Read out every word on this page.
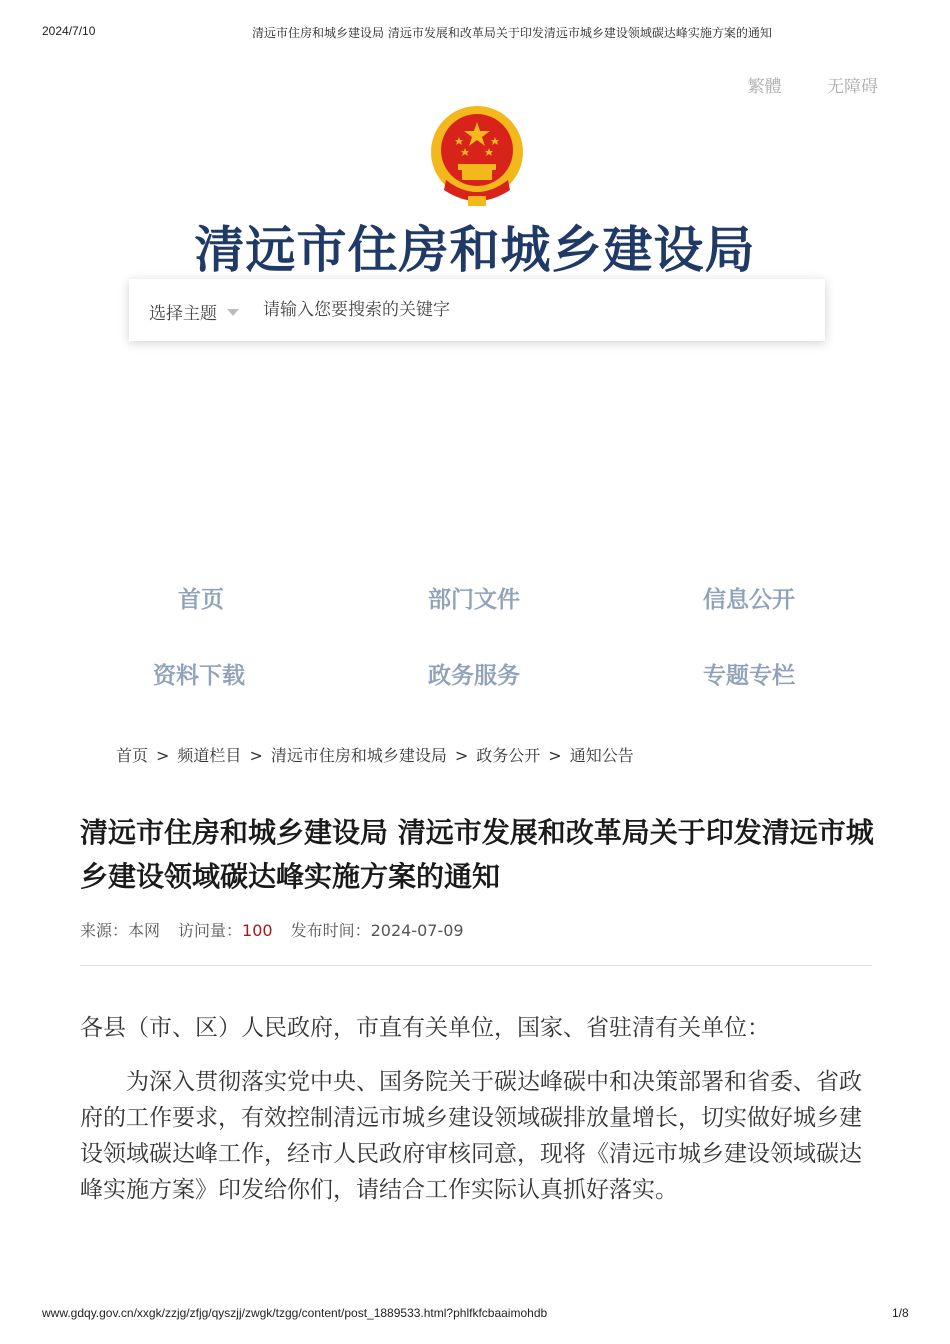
2024/7/10	清远市住房和城乡建设局 清远市发展和改革局关于印发清远市城乡建设领域碳达峰实施方案的通知
繁體	无障碍
清远市住房和城乡建设局
选择主题
请输入您要搜索的关键字
首页	部门文件	信息公开
资料下载	政务服务	专题专栏
首页 > 频道栏目 > 清远市住房和城乡建设局 > 政务公开 > 通知公告
清远市住房和城乡建设局 清远市发展和改革局关于印发清远市城乡建设领域碳达峰实施方案的通知
来源：本网 访问量：100 发布时间：2024-07-09

各县（市、区）人民政府，市直有关单位，国家、省驻清有关单位：

为深入贯彻落实党中央、国务院关于碳达峰碳中和决策部署和省委、省政府的工作要求，有效控制清远市城乡建设领域碳排放量增长，切实做好城乡建设领域碳达峰工作，经市人民政府审核同意，现将《清远市城乡建设领域碳达峰实施方案》印发给你们，请结合工作实际认真抓好落实。

www.gdqy.gov.cn/xxgk/zzjg/zfjg/qyszjj/zwgk/tzgg/content/post_1889533.html?phlfkfcbaaimohdb	1/8
